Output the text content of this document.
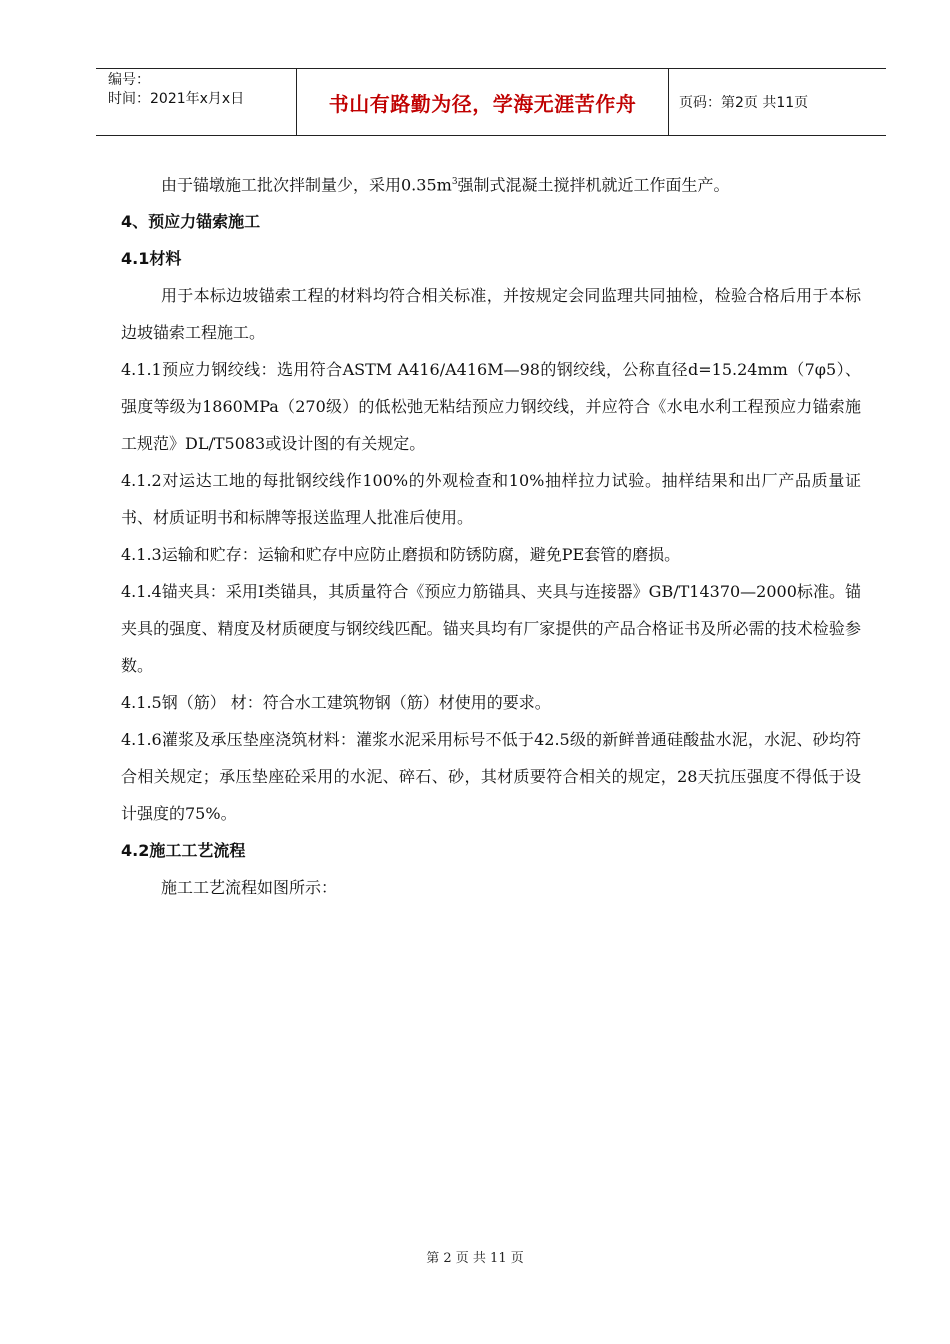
编号：
时间：2021年x月x日	书山有路勤为径，学海无涯苦作舟	页码：第2页 共11页

由于锚墩施工批次拌制量少，采用$0.35m^3$强制式混凝土搅拌机就近工作面生产。

4、预应力锚索施工

4.1材料

用于本标边坡锚索工程的材料均符合相关标准，并按规定会同监理共同抽检，检验合格后用于本标边坡锚索工程施工。

4.1.1预应力钢绞线：选用符合ASTM A416/A416M—98的钢绞线，公称直径d=15.24mm（7φ5）、强度等级为1860MPa（270级）的低松弛无粘结预应力钢绞线，并应符合《水电水利工程预应力锚索施工规范》DL/T5083或设计图的有关规定。

4.1.2对运达工地的每批钢绞线作100%的外观检查和10%抽样拉力试验。抽样结果和出厂产品质量证书、材质证明书和标牌等报送监理人批准后使用。

4.1.3运输和贮存：运输和贮存中应防止磨损和防锈防腐，避免PE套管的磨损。

4.1.4锚夹具：采用I类锚具，其质量符合《预应力筋锚具、夹具与连接器》GB/T14370—2000标准。锚夹具的强度、精度及材质硬度与钢绞线匹配。锚夹具均有厂家提供的产品合格证书及所必需的技术检验参数。

4.1.5钢（筋） 材：符合水工建筑物钢（筋）材使用的要求。

4.1.6灌浆及承压垫座浇筑材料：灌浆水泥采用标号不低于42.5级的新鲜普通硅酸盐水泥，水泥、砂均符合相关规定；承压垫座砼采用的水泥、碎石、砂，其材质要符合相关的规定，28天抗压强度不得低于设计强度的75%。

4.2施工工艺流程

施工工艺流程如图所示：

第 2 页 共 11 页
